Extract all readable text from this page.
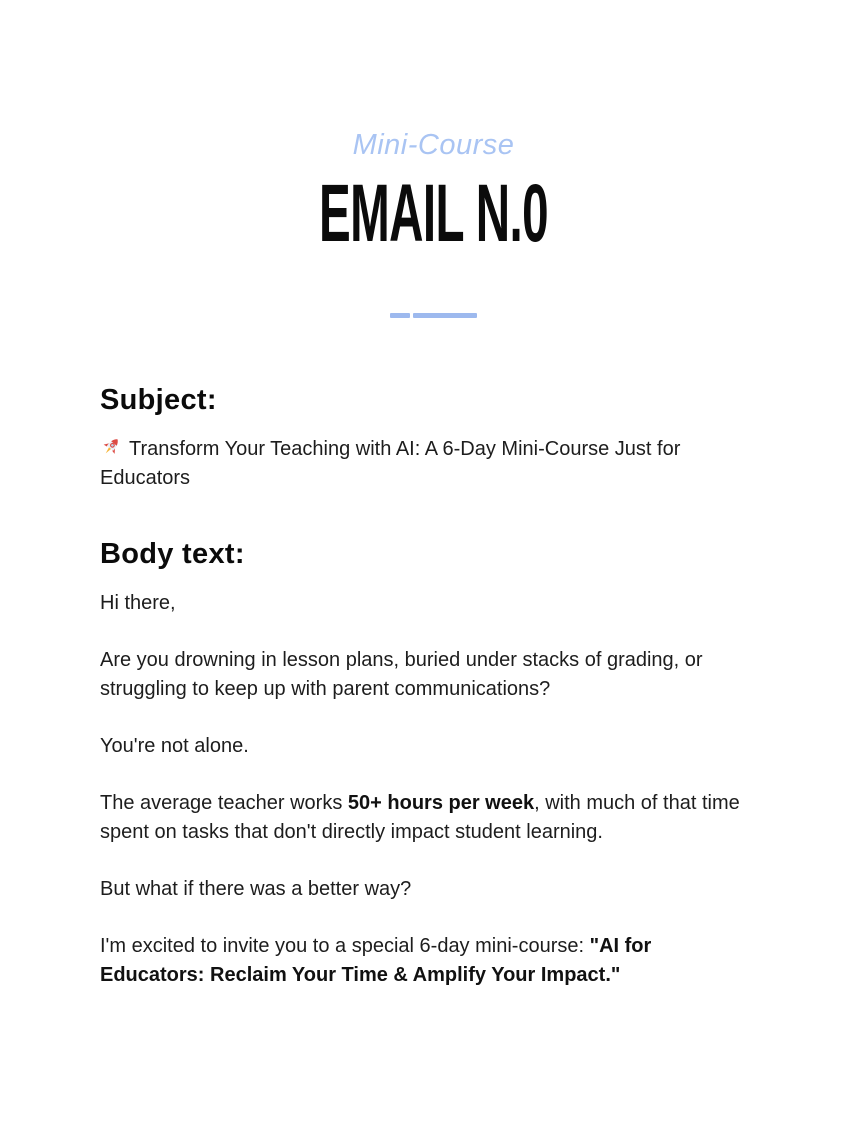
Mini-Course
EMAIL N.0
Subject:

Transform Your Teaching with AI: A 6-Day Mini-Course Just for Educators

Body text:

Hi there,

Are you drowning in lesson plans, buried under stacks of grading, or struggling to keep up with parent communications?

You're not alone.

The average teacher works 50+ hours per week, with much of that time spent on tasks that don't directly impact student learning.

But what if there was a better way?

I'm excited to invite you to a special 6-day mini-course: "AI for Educators: Reclaim Your Time & Amplify Your Impact."
